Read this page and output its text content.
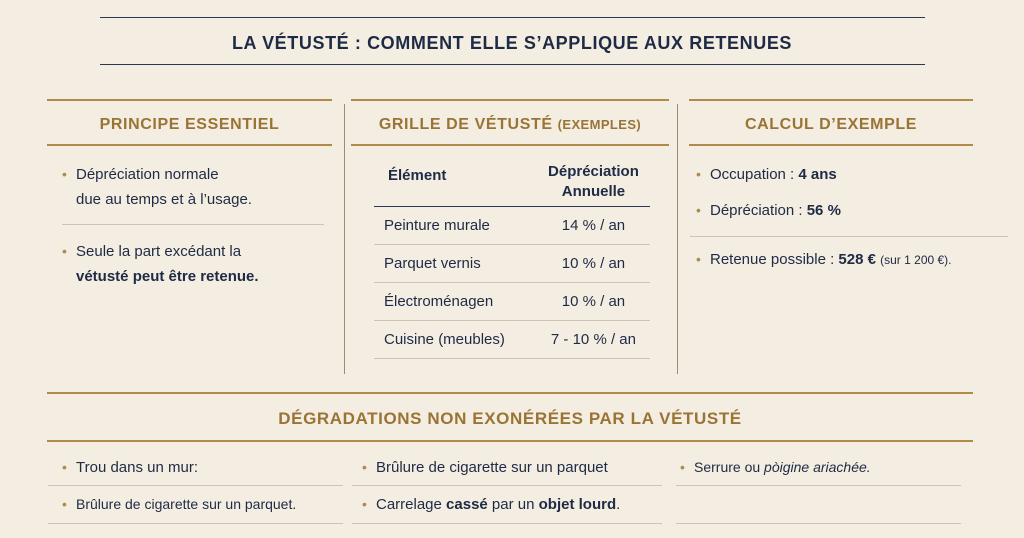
LA VÉTUSTÉ : COMMENT ELLE S’APPLIQUE AUX RETENUES
PRINCIPE ESSENTIEL
• Dépréciation normale
due au temps et à l’usage.
• Seule la part excédant la
vétusté peut être retenue.
GRILLE DE VÉTUSTÉ (EXEMPLES)
Élément	Dépréciation
Annuelle

Peinture murale	14 % / an
Parquet vernis	10 % / an
Électroménagen	10 % / an
Cuisine (meubles)	7 - 10 % / an
CALCUL D’EXEMPLE
• Occupation : 4 ans
• Dépréciation : 56 %
• Retenue possible : 528 € (sur 1 200 €).
DÉGRADATIONS NON EXONÉRÉES PAR LA VÉTUSTÉ
• Trou dans un mur:
• Brûlure de cigarette sur un parquet.
• Brûlure de cigarette sur un parquet
• Carrelage cassé par un objet lourd.
• Serrure ou pòigine ariachée.
